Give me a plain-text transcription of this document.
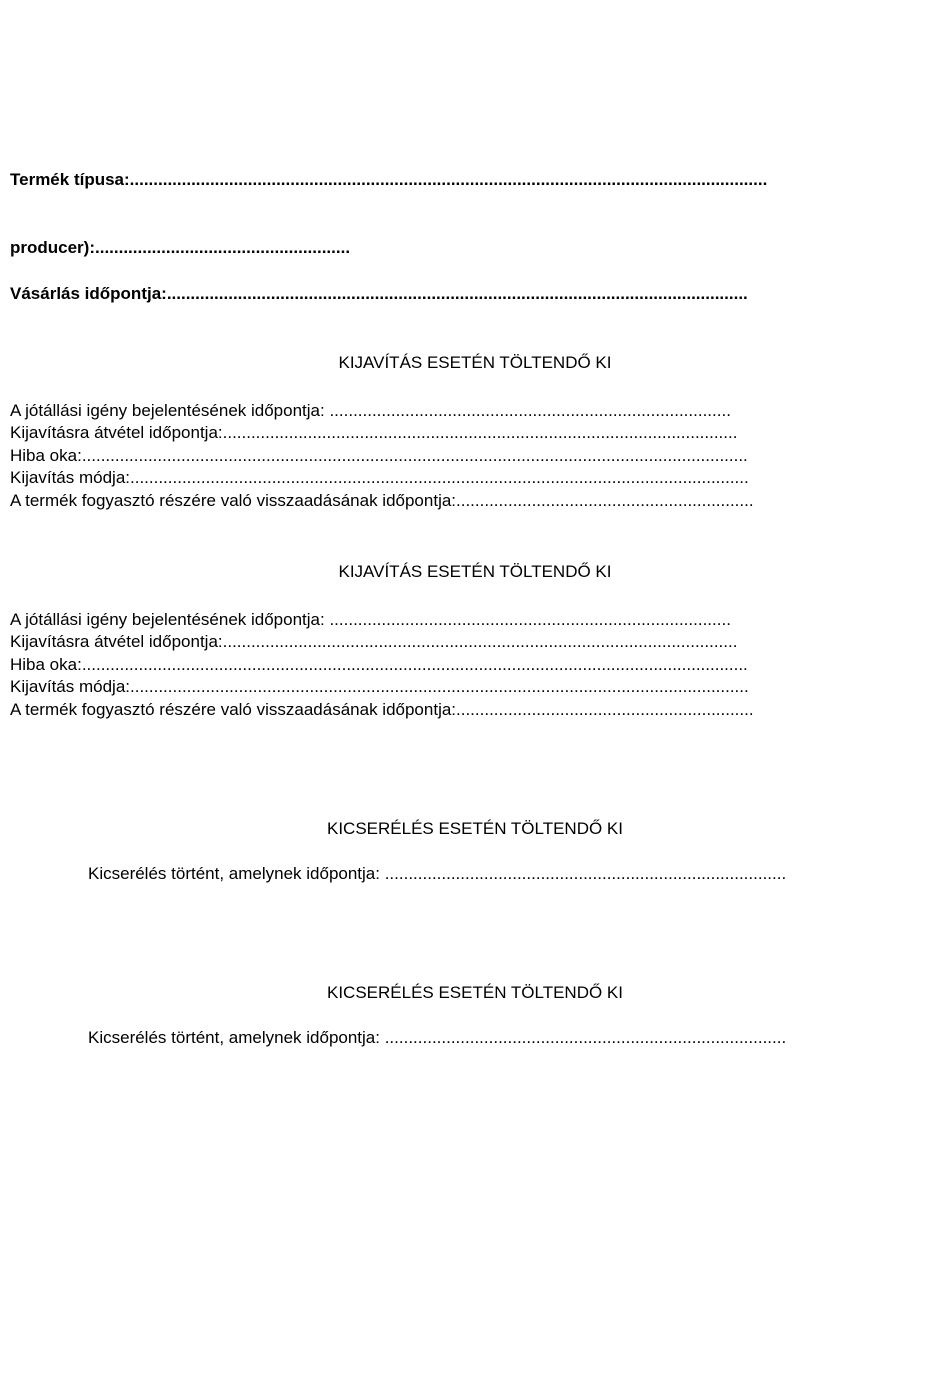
Termék típusa:.......................................................................................................................................
producer):......................................................
Vásárlás időpontja:...........................................................................................................................
KIJAVÍTÁS ESETÉN TÖLTENDŐ KI
A jótállási igény bejelentésének időpontja: .....................................................................................
Kijavításra átvétel időpontja:.............................................................................................................
Hiba oka:.............................................................................................................................................
Kijavítás módja:...................................................................................................................................
A termék fogyasztó részére való visszaadásának időpontja:...............................................................
KIJAVÍTÁS ESETÉN TÖLTENDŐ KI
A jótállási igény bejelentésének időpontja: .....................................................................................
Kijavításra átvétel időpontja:.............................................................................................................
Hiba oka:.............................................................................................................................................
Kijavítás módja:...................................................................................................................................
A termék fogyasztó részére való visszaadásának időpontja:...............................................................
KICSERÉLÉS ESETÉN TÖLTENDŐ KI
Kicserélés történt, amelynek időpontja: .....................................................................................
KICSERÉLÉS ESETÉN TÖLTENDŐ KI
Kicserélés történt, amelynek időpontja: .....................................................................................
